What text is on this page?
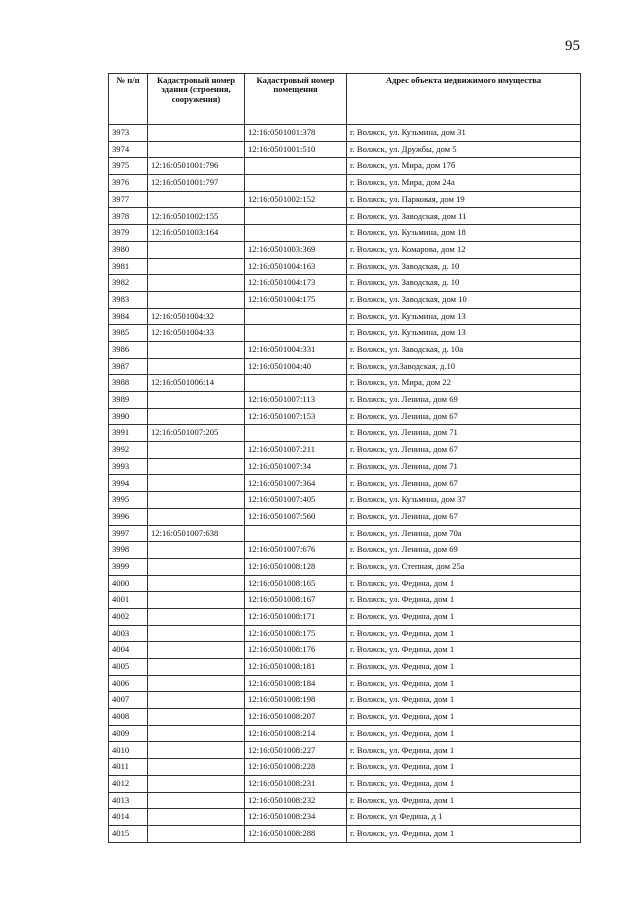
95
№ п/п	Кадастровый номер здания (строения, сооружения)	Кадастровый номер помещения	Адрес объекта недвижимого имущества
3973		12:16:0501001:378	г. Волжск, ул. Кузьмина, дом 31
3974		12:16:0501001:510	г. Волжск, ул. Дружбы, дом 5
3975	12:16:0501001:796		г. Волжск, ул. Мира, дом 17б
3976	12:16:0501001:797		г. Волжск, ул. Мира, дом 24а
3977		12:16:0501002:152	г. Волжск, ул. Парковая, дом 19
3978	12:16:0501002:155		г. Волжск, ул. Заводская, дом 11
3979	12:16:0501003:164		г. Волжск, ул. Кузьмина, дом 18
3980		12:16:0501003:369	г. Волжск, ул. Комарова, дом 12
3981		12:16:0501004:163	г. Волжск, ул. Заводская, д. 10
3982		12:16:0501004:173	г. Волжск, ул. Заводская, д. 10
3983		12:16:0501004:175	г. Волжск, ул. Заводская, дом 10
3984	12:16:0501004:32		г. Волжск, ул. Кузьмина, дом 13
3985	12:16:0501004:33		г. Волжск, ул. Кузьмина, дом 13
3986		12:16:0501004:331	г. Волжск, ул. Заводская, д. 10а
3987		12:16:0501004:40	г. Волжск, ул.Заводская, д.10
3988	12:16:0501006:14		г. Волжск, ул. Мира, дом 22
3989		12:16:0501007:113	г. Волжск, ул. Ленина, дом 69
3990		12:16:0501007:153	г. Волжск, ул. Ленина, дом 67
3991	12:16:0501007:205		г. Волжск, ул. Ленина, дом 71
3992		12:16:0501007:211	г. Волжск, ул. Ленина, дом 67
3993		12:16:0501007:34	г. Волжск, ул. Ленина, дом 71
3994		12:16:0501007:364	г. Волжск, ул. Ленина, дом 67
3995		12:16:0501007:405	г. Волжск, ул. Кузьмина, дом 37
3996		12:16:0501007:560	г. Волжск, ул. Ленина, дом 67
3997	12:16:0501007:638		г. Волжск, ул. Ленина, дом 70а
3998		12:16:0501007:676	г. Волжск, ул. Ленина, дом 69
3999		12:16:0501008:128	г. Волжск, ул. Степная, дом 25а
4000		12:16:0501008:165	г. Волжск, ул. Федина, дом 1
4001		12:16:0501008:167	г. Волжск, ул. Федина, дом 1
4002		12:16:0501008:171	г. Волжск, ул. Федина, дом 1
4003		12:16:0501008:175	г. Волжск, ул. Федина, дом 1
4004		12:16:0501008:176	г. Волжск, ул. Федина, дом 1
4005		12:16:0501008:181	г. Волжск, ул. Федина, дом 1
4006		12:16:0501008:184	г. Волжск, ул. Федина, дом 1
4007		12:16:0501008:198	г. Волжск, ул. Федина, дом 1
4008		12:16:0501008:207	г. Волжск, ул. Федина, дом 1
4009		12:16:0501008:214	г. Волжск, ул. Федина, дом 1
4010		12:16:0501008:227	г. Волжск, ул. Федина, дом 1
4011		12:16:0501008:228	г. Волжск, ул. Федина, дом 1
4012		12:16:0501008:231	г. Волжск, ул. Федина, дом 1
4013		12:16:0501008:232	г. Волжск, ул. Федина, дом 1
4014		12:16:0501008:234	г. Волжск, ул Федина, д 1
4015		12:16:0501008:288	г. Волжск, ул. Федина, дом 1
